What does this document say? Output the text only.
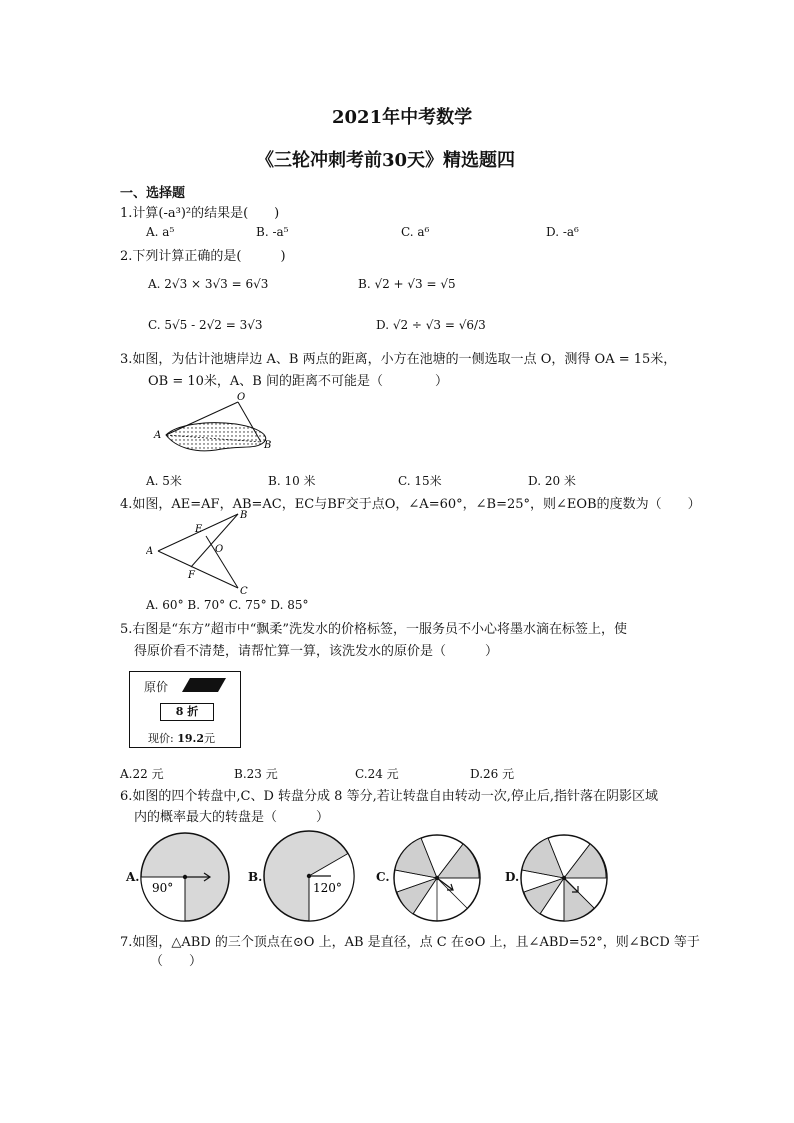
2021年中考数学
《三轮冲刺考前30天》精选题四
一、选择题
1.计算(-a³)²的结果是(　　)
A. a⁵	B. -a⁵	C. a⁶	D. -a⁶
2.下列计算正确的是(　　　)
A. 2√3 × 3√3 = 6√3	B. √2 + √3 = √5
C. 5√5 - 2√2 = 3√3	D. √2 ÷ √3 = √6/3
3.如图，为估计池塘岸边 A、B 两点的距离，小方在池塘的一侧选取一点 O，测得 OA = 15米，
OB = 10米，A、B 间的距离不可能是（　　　　）
O
A
B
A. 5米	B. 10 米	C. 15米	D. 20 米
4.如图，AE=AF，AB=AC，EC与BF交于点O，∠A=60°，∠B=25°，则∠EOB的度数为（　　）
A
B
C
E
F
O
A. 60° B. 70° C. 75° D. 85°
5.右图是“东方”超市中“飘柔”洗发水的价格标签，一服务员不小心将墨水滴在标签上，使
得原价看不清楚，请帮忙算一算，该洗发水的原价是（　　　）
原价
8 折
现价: 19.2元
A.22 元	B.23 元	C.24 元	D.26 元
6.如图的四个转盘中,C、D 转盘分成 8 等分,若让转盘自由转动一次,停止后,指针落在阴影区域
内的概率最大的转盘是（　　　）
A.
90°
B.
120°
C.	D.
7.如图，△ABD 的三个顶点在⊙O 上，AB 是直径，点 C 在⊙O 上，且∠ABD=52°，则∠BCD 等于
（　　）
